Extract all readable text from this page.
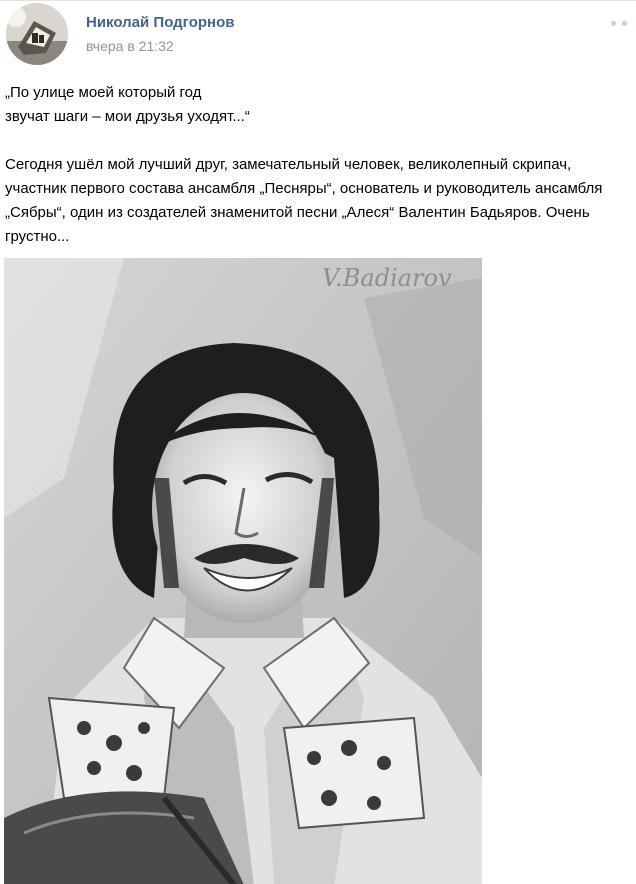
Николай Подгорнов
вчера в 21:32

„По улице моей который год

звучат шаги – мои друзья уходят...“

Сегодня ушёл мой лучший друг, замечательный человек, великолепный скрипач, участник первого состава ансамбля „Песняры“, основатель и руководитель ансамбля „Сябры“, один из создателей знаменитой песни „Алеся“ Валентин Бадьяров. Очень грустно...

V.Badiarov
